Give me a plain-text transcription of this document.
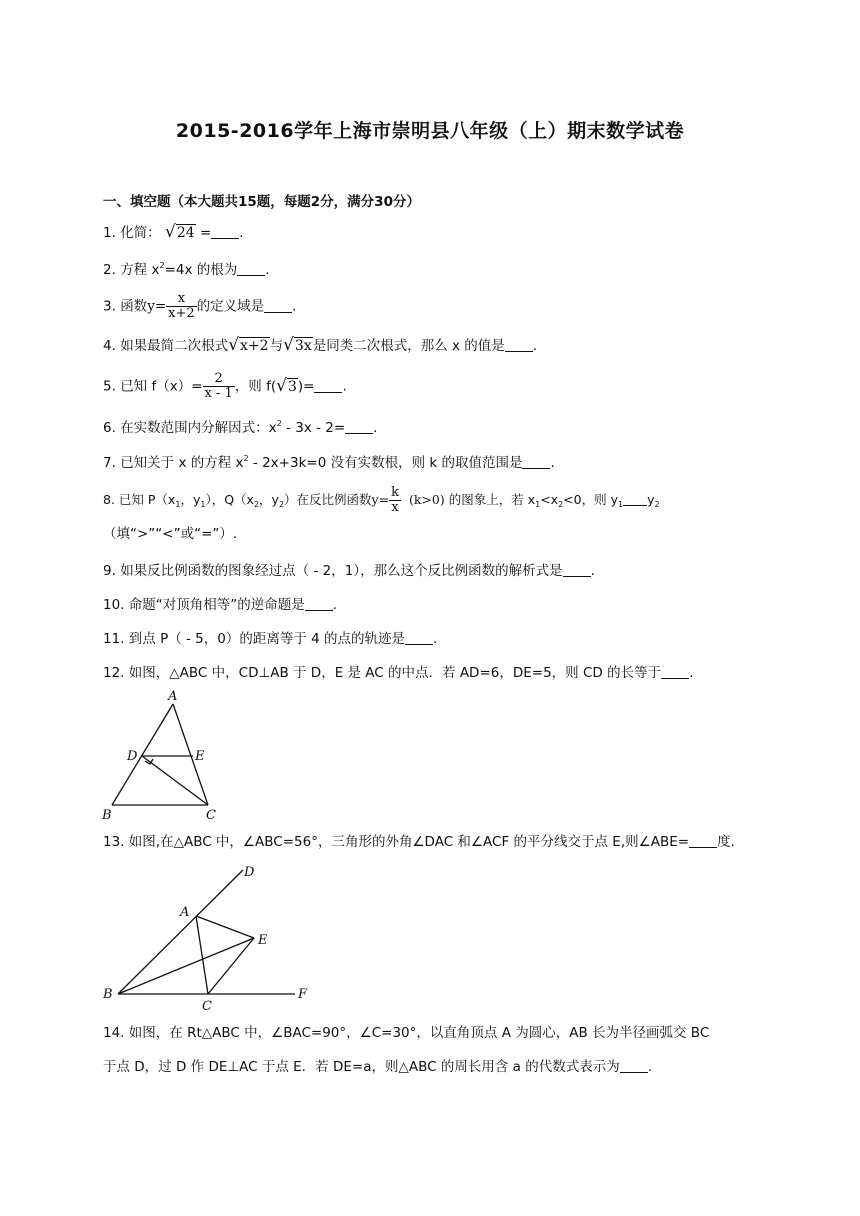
2015-2016学年上海市崇明县八年级（上）期末数学试卷
一、填空题（本大题共15题，每题2分，满分30分）
1. 化简： √24 = .
2. 方程 $x^2=4x$ 的根为 .
3. 函数$y= \frac{x}{x+2}$ 的定义域是 .
4. 如果最简二次根式√x+2与√3x是同类二次根式，那么 x 的值是 .
5. 已知 $f(x)= \frac{2}{x - 1}$ ，则 f(√3)= .
6. 在实数范围内分解因式：$x^2 - 3x - 2=$ .
7. 已知关于 x 的方程 $x^2 - 2x+3k=0$ 没有实数根，则 k 的取值范围是 .
8. 已知 $P(x_1$，$y_1$），$Q(x_2$，$y_2$）在反比例函数$y= \frac{k}{x} (k>0)$ 的图象上，若 $x_1<x_2<0$，则 $y_1$ $y_2$
（填“>”“<”或“=”）.
9. 如果反比例函数的图象经过点（ - 2，1），那么这个反比例函数的解析式是 .
10. 命题“对顶角相等”的逆命题是 .
11. 到点 P（ - 5，0）的距离等于 4 的点的轨迹是 .
12. 如图，△ABC 中，CD⊥AB 于 D，E 是 AC 的中点．若 AD=6，DE=5，则 CD 的长等于 .
A
D	E
B	C
13. 如图,在△ABC 中，∠ABC=56°，三角形的外角∠DAC 和∠ACF 的平分线交于点 E,则∠ABE= 度.
D
A
E
B
C
F
14. 如图，在 Rt△ABC 中，∠BAC=90°，∠C=30°，以直角顶点 A 为圆心，AB 长为半径画弧交 BC
于点 D，过 D 作 DE⊥AC 于点 E．若 DE=a，则△ABC 的周长用含 a 的代数式表示为 .
